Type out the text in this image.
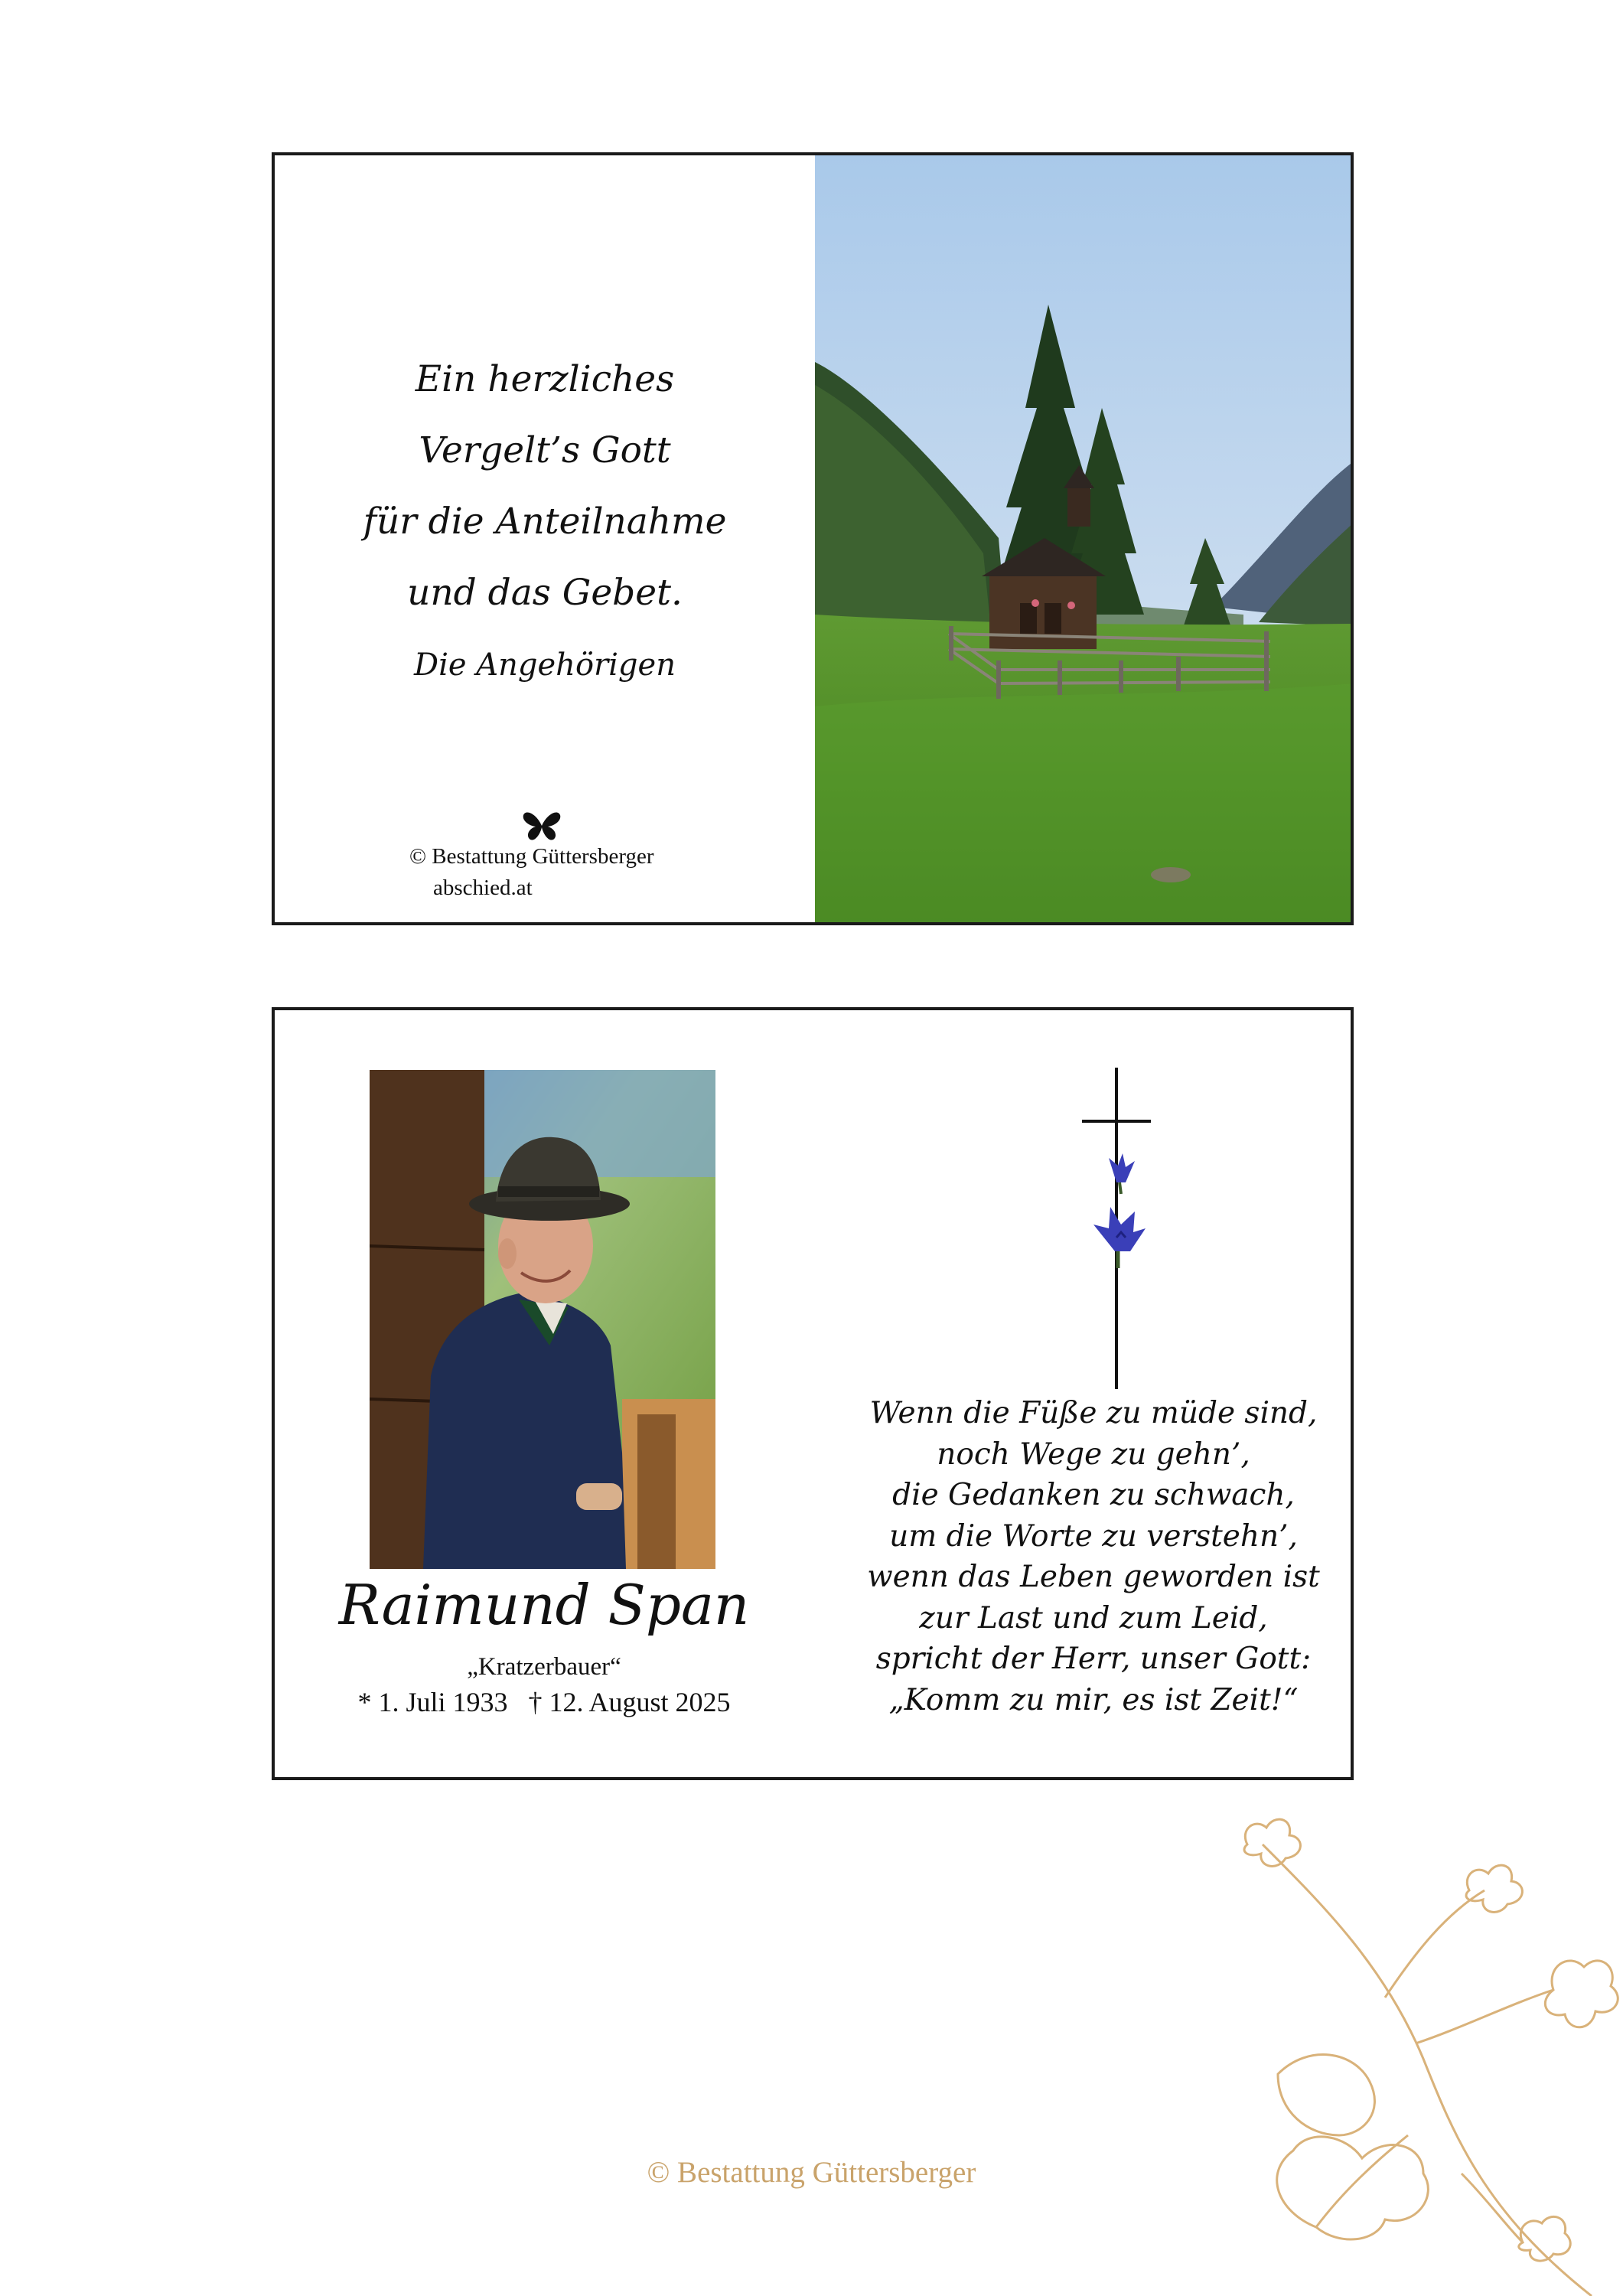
Ein herzliches
Vergelt’s Gott
für die Anteilnahme
und das Gebet.
Die Angehörigen
© Bestattung Güttersberger
abschied.at
Raimund Span
„Kratzerbauer“
* 1. Juli 1933 † 12. August 2025
Wenn die Füße zu müde sind,
noch Wege zu gehn’,
die Gedanken zu schwach,
um die Worte zu verstehn’,
wenn das Leben geworden ist
zur Last und zum Leid,
spricht der Herr, unser Gott:
„Komm zu mir, es ist Zeit!“
© Bestattung Güttersberger
